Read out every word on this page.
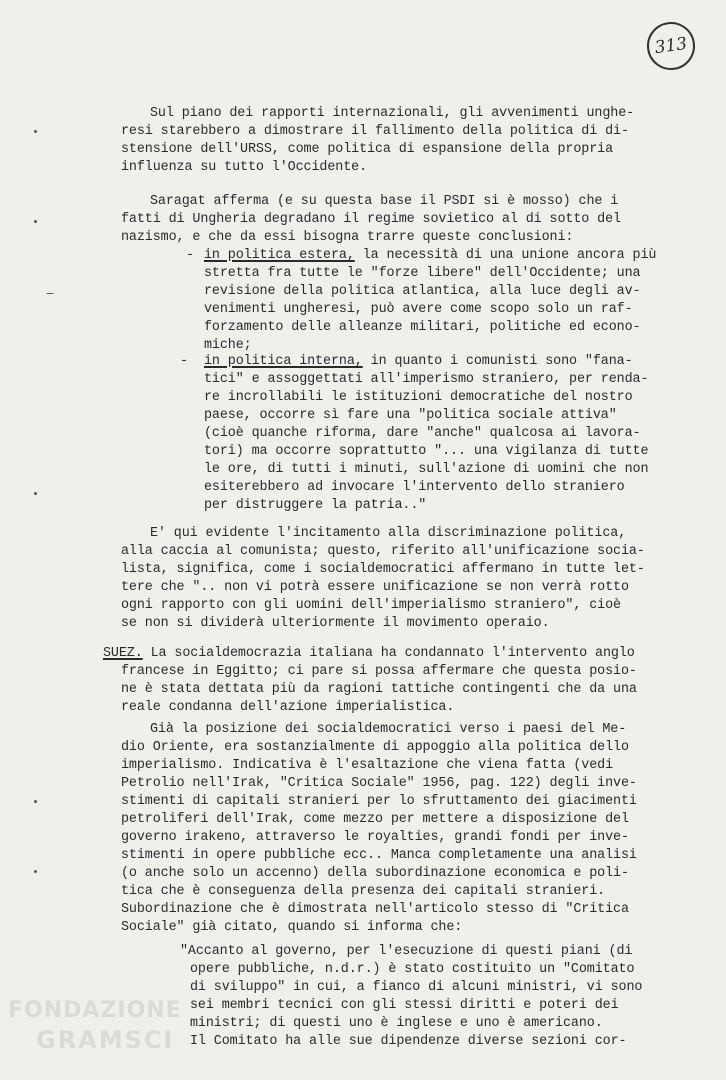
313
Sul piano dei rapporti internazionali, gli avvenimenti unghe-
resi starebbero a dimostrare il fallimento della politica di di-
stensione dell'URSS, come politica di espansione della propria
influenza su tutto l'Occidente.
Saragat afferma (e su questa base il PSDI si è mosso) che i
fatti di Ungheria degradano il regime sovietico al di sotto del
nazismo, e che da essi bisogna trarre queste conclusioni:
- in politica estera, la necessità di una unione ancora più
stretta fra tutte le "forze libere" dell'Occidente; una
revisione della politica atlantica, alla luce degli av-
venimenti ungheresi, può avere come scopo solo un raf-
forzamento delle alleanze militari, politiche ed econo-
miche;
- in politica interna, in quanto i comunisti sono "fana-
tici" e assoggettati all'imperismo straniero, per renda-
re incrollabili le istituzioni democratiche del nostro
paese, occorre sì fare una "politica sociale attiva"
(cioè quanche riforma, dare "anche" qualcosa ai lavora-
tori) ma occorre soprattutto "... una vigilanza di tutte
le ore, di tutti i minuti, sull'azione di uomini che non
esiterebbero ad invocare l'intervento dello straniero
per distruggere la patria.."
E' qui evidente l'incitamento alla discriminazione politica,
alla caccia al comunista; questo, riferito all'unificazione socia-
lista, significa, come i socialdemocratici affermano in tutte let-
tere che ".. non vi potrà essere unificazione se non verrà rotto
ogni rapporto con gli uomini dell'imperialismo straniero", cioè
se non si dividerà ulteriormente il movimento operaio.
SUEZ. La socialdemocrazia italiana ha condannato l'intervento anglo
francese in Eggitto; ci pare si possa affermare che questa posio-
ne è stata dettata più da ragioni tattiche contingenti che da una
reale condanna dell'azione imperialistica.
Già la posizione dei socialdemocratici verso i paesi del Me-
dio Oriente, era sostanzialmente di appoggio alla politica dello
imperialismo. Indicativa è l'esaltazione che viena fatta (vedi
Petrolio nell'Irak, "Critica Sociale" 1956, pag. 122) degli inve-
stimenti di capitali stranieri per lo sfruttamento dei giacimenti
petroliferi dell'Irak, come mezzo per mettere a disposizione del
governo irakeno, attraverso le royalties, grandi fondi per inve-
stimenti in opere pubbliche ecc.. Manca completamente una analisi
(o anche solo un accenno) della subordinazione economica e poli-
tica che è conseguenza della presenza dei capitali stranieri.
Subordinazione che è dimostrata nell'articolo stesso di "Critica
Sociale" già citato, quando si informa che:
"Accanto al governo, per l'esecuzione di questi piani (di
opere pubbliche, n.d.r.) è stato costituito un "Comitato
di sviluppo" in cui, a fianco di alcuni ministri, vi sono
sei membri tecnici con gli stessi diritti e poteri dei
ministri; di questi uno è inglese e uno è americano.
Il Comitato ha alle sue dipendenze diverse sezioni cor-
FONDAZIONE
GRAMSCI
